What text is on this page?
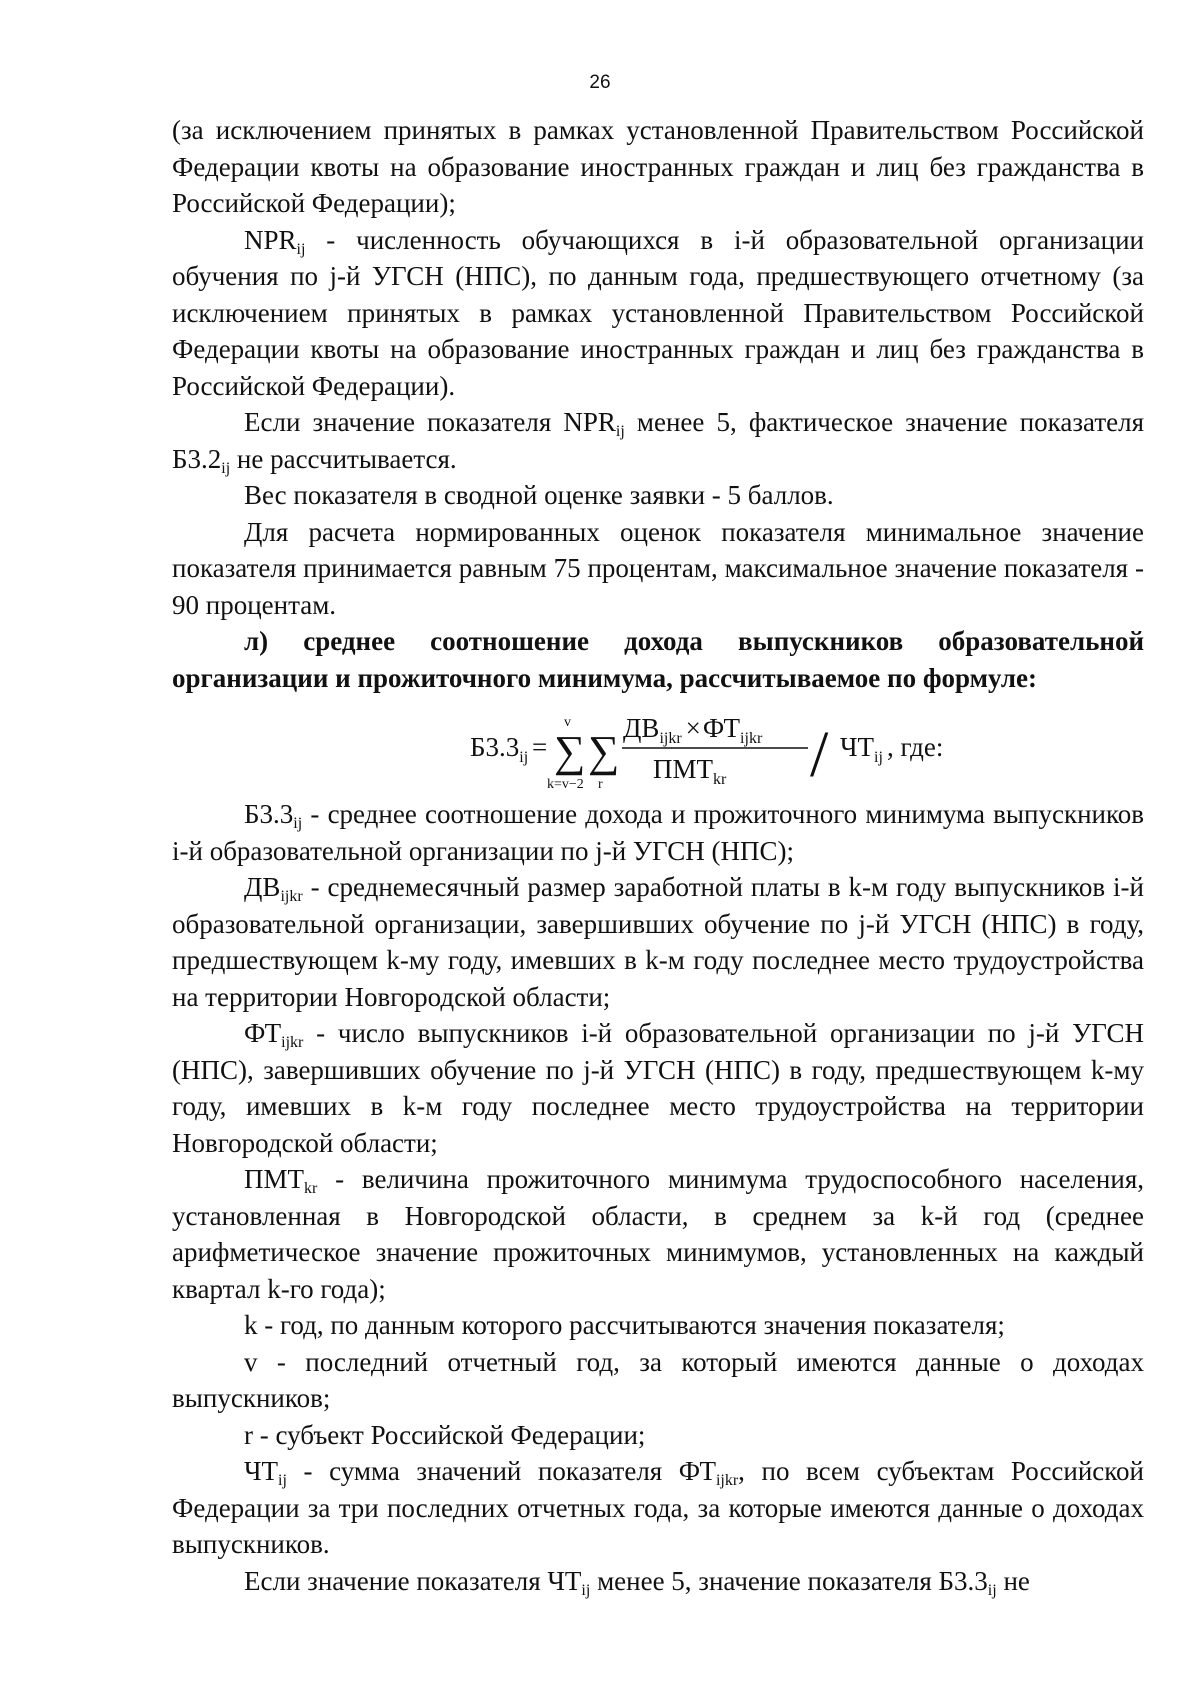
26

(за исключением принятых в рамках установленной Правительством Российской Федерации квоты на образование иностранных граждан и лиц без гражданства в Российской Федерации);

$NPR_{ij}$ - численность обучающихся в i-й образовательной организации обучения по j-й УГСН (НПС), по данным года, предшествующего отчетному (за исключением принятых в рамках установленной Правительством Российской Федерации квоты на образование иностранных граждан и лиц без гражданства в Российской Федерации).

Если значение показателя $NPR_{ij}$ менее 5, фактическое значение показателя $Б3.2_{ij}$ не рассчитывается.

Вес показателя в сводной оценке заявки - 5 баллов.

Для расчета нормированных оценок показателя минимальное значение показателя принимается равным 75 процентам, максимальное значение показателя - 90 процентам.

л) среднее соотношение дохода выпускников образовательной организации и прожиточного минимума, рассчитываемое по формуле:

$Б3.3_{ij}$ =
v
∑
k=v−2
∑
r
$ДВ_{ijkr} \times ФТ_{ijkr}$
$ПМТ_{kr} / ЧТ_{ij}$ , где:

$Б3.3_{ij}$ - среднее соотношение дохода и прожиточного минимума выпускников i-й образовательной организации по j-й УГСН (НПС);

$ДВ_{ijkr}$ - среднемесячный размер заработной платы в k-м году выпускников i-й образовательной организации, завершивших обучение по j-й УГСН (НПС) в году, предшествующем k-му году, имевших в k-м году последнее место трудоустройства на территории Новгородской области;

$ФТ_{ijkr}$ - число выпускников i-й образовательной организации по j-й УГСН (НПС), завершивших обучение по j-й УГСН (НПС) в году, предшествующем k-му году, имевших в k-м году последнее место трудоустройства на территории Новгородской области;

$ПМТ_{kr}$ - величина прожиточного минимума трудоспособного населения, установленная в Новгородской области, в среднем за k-й год (среднее арифметическое значение прожиточных минимумов, установленных на каждый квартал k-го года);

k - год, по данным которого рассчитываются значения показателя;

v - последний отчетный год, за который имеются данные о доходах выпускников;

r - субъект Российской Федерации;

$ЧТ_{ij}$ - сумма значений показателя $ФТ_{ijkr}$, по всем субъектам Российской Федерации за три последних отчетных года, за которые имеются данные о доходах выпускников.

Если значение показателя $ЧТ_{ij}$ менее 5, значение показателя $Б3.3_{ij}$ не
